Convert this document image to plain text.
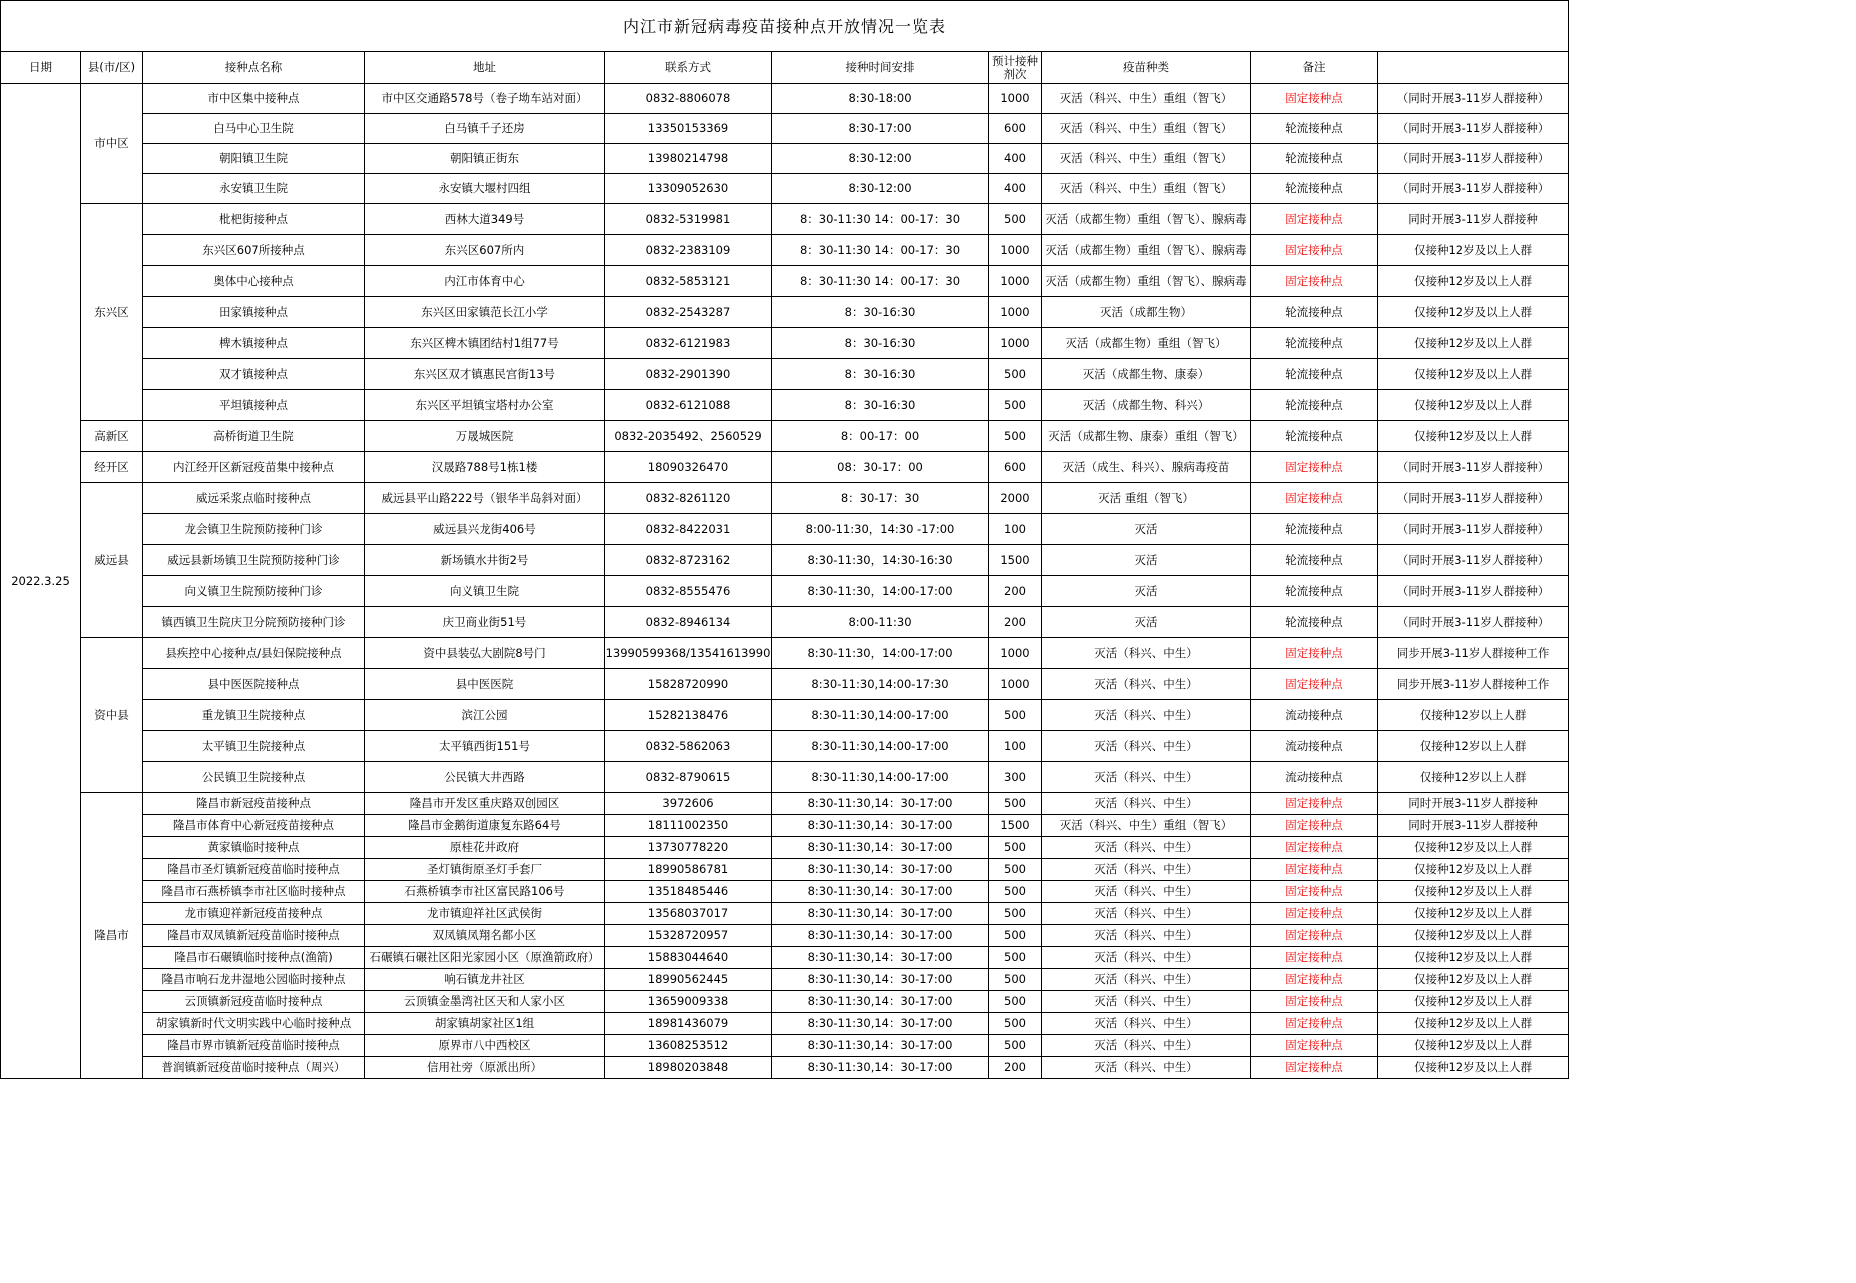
内江市新冠病毒疫苗接种点开放情况一览表									
日期	县(市/区)	接种点名称	地址	联系方式	接种时间安排	预计接种剂次	疫苗种类	备注	
2022.3.25	市中区	市中区集中接种点	市中区交通路578号（卷子坳车站对面）	0832-8806078	8:30-18:00	1000	灭活（科兴、中生）重组（智飞）	固定接种点	（同时开展3-11岁人群接种）
		白马中心卫生院	白马镇千子还房	13350153369	8:30-17:00	600	灭活（科兴、中生）重组（智飞）	轮流接种点	（同时开展3-11岁人群接种）
		朝阳镇卫生院	朝阳镇正街东	13980214798	8:30-12:00	400	灭活（科兴、中生）重组（智飞）	轮流接种点	（同时开展3-11岁人群接种）
		永安镇卫生院	永安镇大堰村四组	13309052630	8:30-12:00	400	灭活（科兴、中生）重组（智飞）	轮流接种点	（同时开展3-11岁人群接种）
	东兴区	枇杷街接种点	西林大道349号	0832-5319981	8：30-11:30 14：00-17：30	500	灭活（成都生物）重组（智飞）、腺病毒	固定接种点	同时开展3-11岁人群接种
		东兴区607所接种点	东兴区607所内	0832-2383109	8：30-11:30 14：00-17：30	1000	灭活（成都生物）重组（智飞）、腺病毒	固定接种点	仅接种12岁及以上人群
		奥体中心接种点	内江市体育中心	0832-5853121	8：30-11:30 14：00-17：30	1000	灭活（成都生物）重组（智飞）、腺病毒	固定接种点	仅接种12岁及以上人群
		田家镇接种点	东兴区田家镇范长江小学	0832-2543287	8：30-16:30	1000	灭活（成都生物）	轮流接种点	仅接种12岁及以上人群
		椑木镇接种点	东兴区椑木镇团结村1组77号	0832-6121983	8：30-16:30	1000	灭活（成都生物）重组（智飞）	轮流接种点	仅接种12岁及以上人群
		双才镇接种点	东兴区双才镇惠民宫街13号	0832-2901390	8：30-16:30	500	灭活（成都生物、康泰）	轮流接种点	仅接种12岁及以上人群
		平坦镇接种点	东兴区平坦镇宝塔村办公室	0832-6121088	8：30-16:30	500	灭活（成都生物、科兴）	轮流接种点	仅接种12岁及以上人群
	高新区	高桥街道卫生院	万晟城医院	0832-2035492、2560529	8：00-17：00	500	灭活（成都生物、康泰）重组（智飞）	轮流接种点	仅接种12岁及以上人群
	经开区	内江经开区新冠疫苗集中接种点	汉晟路788号1栋1楼	18090326470	08：30-17：00	600	灭活（成生、科兴）、腺病毒疫苗	固定接种点	（同时开展3-11岁人群接种）
	威远县	威远采浆点临时接种点	威远县平山路222号（银华半岛斜对面）	0832-8261120	8：30-17：30	2000	灭活 重组（智飞）	固定接种点	（同时开展3-11岁人群接种）
		龙会镇卫生院预防接种门诊	威远县兴龙街406号	0832-8422031	8:00-11:30，14:30 -17:00	100	灭活	轮流接种点	（同时开展3-11岁人群接种）
		威远县新场镇卫生院预防接种门诊	新场镇水井街2号	0832-8723162	8:30-11:30，14:30-16:30	1500	灭活	轮流接种点	（同时开展3-11岁人群接种）
		向义镇卫生院预防接种门诊	向义镇卫生院	0832-8555476	8:30-11:30，14:00-17:00	200	灭活	轮流接种点	（同时开展3-11岁人群接种）
		镇西镇卫生院庆卫分院预防接种门诊	庆卫商业街51号	0832-8946134	8:00-11:30	200	灭活	轮流接种点	（同时开展3-11岁人群接种）
	资中县	县疾控中心接种点/县妇保院接种点	资中县装弘大剧院8号门	13990599368/13541613990	8:30-11:30，14:00-17:00	1000	灭活（科兴、中生）	固定接种点	同步开展3-11岁人群接种工作
		县中医医院接种点	县中医医院	15828720990	8:30-11:30,14:00-17:30	1000	灭活（科兴、中生）	固定接种点	同步开展3-11岁人群接种工作
		重龙镇卫生院接种点	滨江公园	15282138476	8:30-11:30,14:00-17:00	500	灭活（科兴、中生）	流动接种点	仅接种12岁以上人群
		太平镇卫生院接种点	太平镇西街151号	0832-5862063	8:30-11:30,14:00-17:00	100	灭活（科兴、中生）	流动接种点	仅接种12岁以上人群
		公民镇卫生院接种点	公民镇大井西路	0832-8790615	8:30-11:30,14:00-17:00	300	灭活（科兴、中生）	流动接种点	仅接种12岁以上人群
	隆昌市	隆昌市新冠疫苗接种点	隆昌市开发区重庆路双创园区	3972606	8:30-11:30,14：30-17:00	500	灭活（科兴、中生）	固定接种点	同时开展3-11岁人群接种
		隆昌市体育中心新冠疫苗接种点	隆昌市金鹅街道康复东路64号	18111002350	8:30-11:30,14：30-17:00	1500	灭活（科兴、中生）重组（智飞）	固定接种点	同时开展3-11岁人群接种
		黄家镇临时接种点	原桂花井政府	13730778220	8:30-11:30,14：30-17:00	500	灭活（科兴、中生）	固定接种点	仅接种12岁及以上人群
		隆昌市圣灯镇新冠疫苗临时接种点	圣灯镇街原圣灯手套厂	18990586781	8:30-11:30,14：30-17:00	500	灭活（科兴、中生）	固定接种点	仅接种12岁及以上人群
		隆昌市石燕桥镇李市社区临时接种点	石燕桥镇李市社区富民路106号	13518485446	8:30-11:30,14：30-17:00	500	灭活（科兴、中生）	固定接种点	仅接种12岁及以上人群
		龙市镇迎祥新冠疫苗接种点	龙市镇迎祥社区武侯街	13568037017	8:30-11:30,14：30-17:00	500	灭活（科兴、中生）	固定接种点	仅接种12岁及以上人群
		隆昌市双凤镇新冠疫苗临时接种点	双凤镇凤翔名都小区	15328720957	8:30-11:30,14：30-17:00	500	灭活（科兴、中生）	固定接种点	仅接种12岁及以上人群
		隆昌市石碾镇临时接种点(渔箭)	石碾镇石碾社区阳光家园小区（原渔箭政府）	15883044640	8:30-11:30,14：30-17:00	500	灭活（科兴、中生）	固定接种点	仅接种12岁及以上人群
		隆昌市响石龙井湿地公园临时接种点	响石镇龙井社区	18990562445	8:30-11:30,14：30-17:00	500	灭活（科兴、中生）	固定接种点	仅接种12岁及以上人群
		云顶镇新冠疫苗临时接种点	云顶镇金墨湾社区天和人家小区	13659009338	8:30-11:30,14：30-17:00	500	灭活（科兴、中生）	固定接种点	仅接种12岁及以上人群
		胡家镇新时代文明实践中心临时接种点	胡家镇胡家社区1组	18981436079	8:30-11:30,14：30-17:00	500	灭活（科兴、中生）	固定接种点	仅接种12岁及以上人群
		隆昌市界市镇新冠疫苗临时接种点	原界市八中西校区	13608253512	8:30-11:30,14：30-17:00	500	灭活（科兴、中生）	固定接种点	仅接种12岁及以上人群
		普润镇新冠疫苗临时接种点（周兴）	信用社旁（原派出所）	18980203848	8:30-11:30,14：30-17:00	200	灭活（科兴、中生）	固定接种点	仅接种12岁及以上人群
